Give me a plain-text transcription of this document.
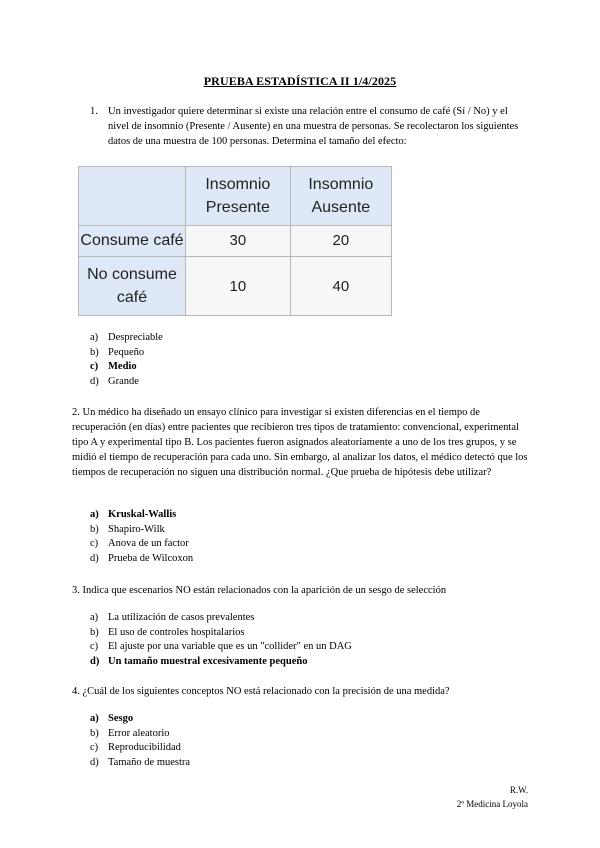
PRUEBA ESTADÍSTICA II 1/4/2025
1. Un investigador quiere determinar si existe una relación entre el consumo de café (Sí / No) y el nivel de insomnio (Presente / Ausente) en una muestra de personas. Se recolectaron los siguientes datos de una muestra de 100 personas. Determina el tamaño del efecto:
	Insomnio Presente	Insomnio Ausente
Consume café	30	20
No consume café	10	40
a) Despreciable
b) Pequeño
c) Medio
d) Grande
2. Un médico ha diseñado un ensayo clínico para investigar si existen diferencias en el tiempo de recuperación (en días) entre pacientes que recibieron tres tipos de tratamiento: convencional, experimental tipo A y experimental tipo B. Los pacientes fueron asignados aleatoriamente a uno de los tres grupos, y se midió el tiempo de recuperación para cada uno. Sin embargo, al analizar los datos, el médico detectó que los tiempos de recuperación no siguen una distribución normal. ¿Que prueba de hipótesis debe utilizar?
a) Kruskal-Wallis
b) Shapiro-Wilk
c) Anova de un factor
d) Prueba de Wilcoxon
3. Indica que escenarios NO están relacionados con la aparición de un sesgo de selección
a) La utilización de casos prevalentes
b) El uso de controles hospitalarios
c) El ajuste por una variable que es un "collider" en un DAG
d) Un tamaño muestral excesivamente pequeño
4. ¿Cuál de los siguientes conceptos NO está relacionado con la precisión de una medida?
a) Sesgo
b) Error aleatorio
c) Reproducibilidad
d) Tamaño de muestra
R.W.
2º Medicina Loyola
